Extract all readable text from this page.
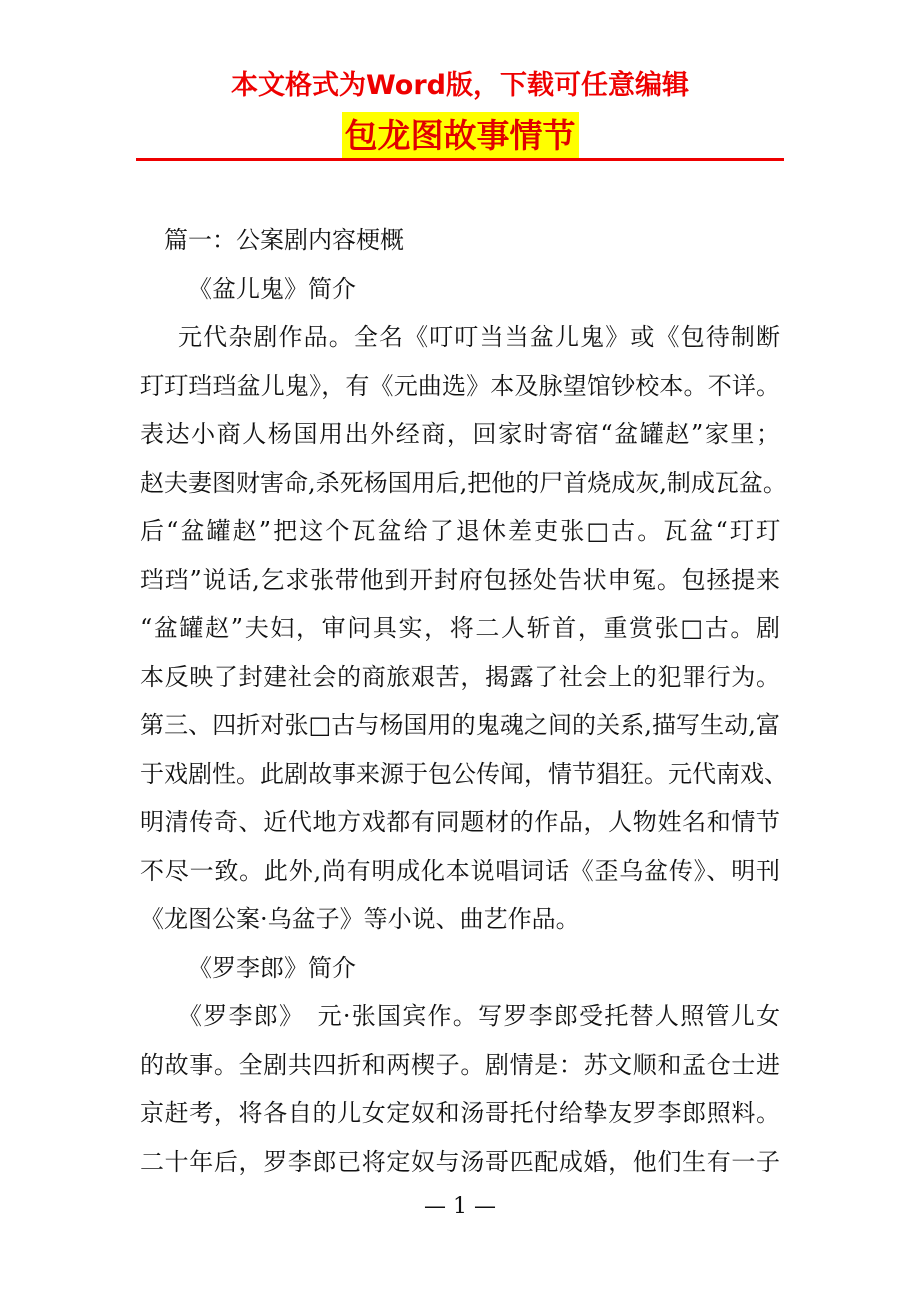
本文格式为Word版，下载可任意编辑
包龙图故事情节
篇一：公案剧内容梗概
《盆儿鬼》简介
元代杂剧作品。全名《叮叮当当盆儿鬼》或《包待制断
玎玎珰珰盆儿鬼》，有《元曲选》本及脉望馆钞校本。不详。
表达小商人杨国用出外经商，回家时寄宿“盆罐赵”家里；
赵夫妻图财害命,杀死杨国用后,把他的尸首烧成灰,制成瓦盆。
后“盆罐赵”把这个瓦盆给了退休差吏张□古。瓦盆“玎玎
珰珰”说话,乞求张带他到开封府包拯处告状申冤。包拯提来
“盆罐赵”夫妇，审问具实，将二人斩首，重赏张□古。剧
本反映了封建社会的商旅艰苦，揭露了社会上的犯罪行为。
第三、四折对张□古与杨国用的鬼魂之间的关系,描写生动,富
于戏剧性。此剧故事来源于包公传闻，情节猖狂。元代南戏、
明清传奇、近代地方戏都有同题材的作品，人物姓名和情节
不尽一致。此外,尚有明成化本说唱词话《歪乌盆传》、明刊
《龙图公案·乌盆子》等小说、曲艺作品。
《罗李郎》简介
《罗李郎》　元·张国宾作。写罗李郎受托替人照管儿女
的故事。全剧共四折和两楔子。剧情是：苏文顺和孟仓士进
京赶考，将各自的儿女定奴和汤哥托付给挚友罗李郎照料。
二十年后，罗李郎已将定奴与汤哥匹配成婚，他们生有一子
— 1 —
